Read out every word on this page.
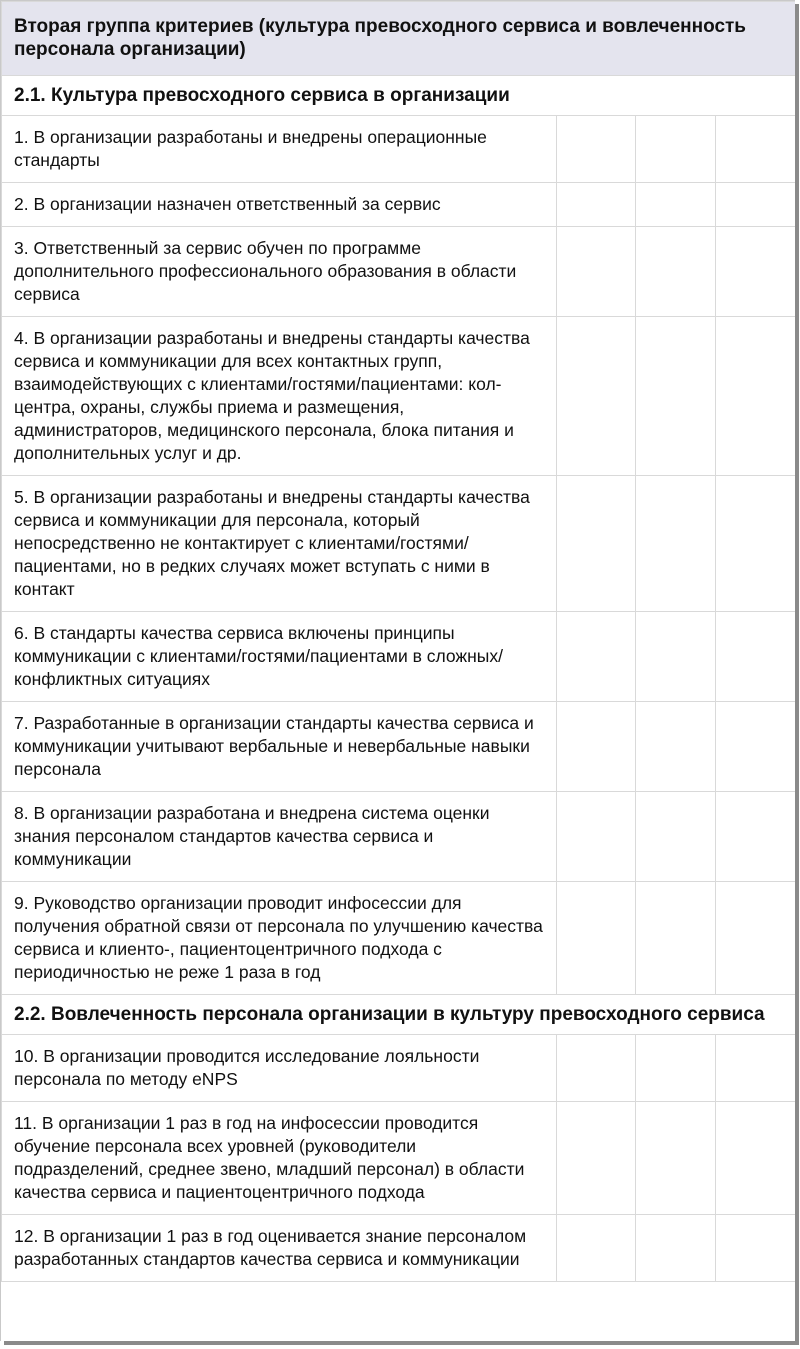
Вторая группа критериев (культура превосходного сервиса и вовлеченность персонала организации)			
2.1. Культура превосходного сервиса в организации			
1. В организации разработаны и внедрены операционные стандарты			
2. В организации назначен ответственный за сервис			
3. Ответственный за сервис обучен по программе дополнительного профессионального образования в области сервиса			
4. В организации разработаны и внедрены стандарты качества сервиса и коммуникации для всех контактных групп, взаимодействующих с клиентами/гостями/пациентами: кол-центра, охраны, службы приема и размещения, администраторов, медицинского персонала, блока питания и дополнительных услуг и др.			
5. В организации разработаны и внедрены стандарты качества сервиса и коммуникации для персонала, который непосредственно не контактирует с клиентами/гостями/пациентами, но в редких случаях может вступать с ними в контакт			
6. В стандарты качества сервиса включены принципы коммуникации с клиентами/гостями/пациентами в сложных/конфликтных ситуациях			
7. Разработанные в организации стандарты качества сервиса и коммуникации учитывают вербальные и невербальные навыки персонала			
8. В организации разработана и внедрена система оценки знания персоналом стандартов качества сервиса и коммуникации			
9. Руководство организации проводит инфосессии для получения обратной связи от персонала по улучшению качества сервиса и клиенто-, пациентоцентричного подхода с периодичностью не реже 1 раза в год			
2.2. Вовлеченность персонала организации в культуру превосходного сервиса			
10. В организации проводится исследование лояльности персонала по методу eNPS			
11. В организации 1 раз в год на инфосессии проводится обучение персонала всех уровней (руководители подразделений, среднее звено, младший персонал) в области качества сервиса и пациентоцентричного подхода			
12. В организации 1 раз в год оценивается знание персоналом разработанных стандартов качества сервиса и коммуникации			
